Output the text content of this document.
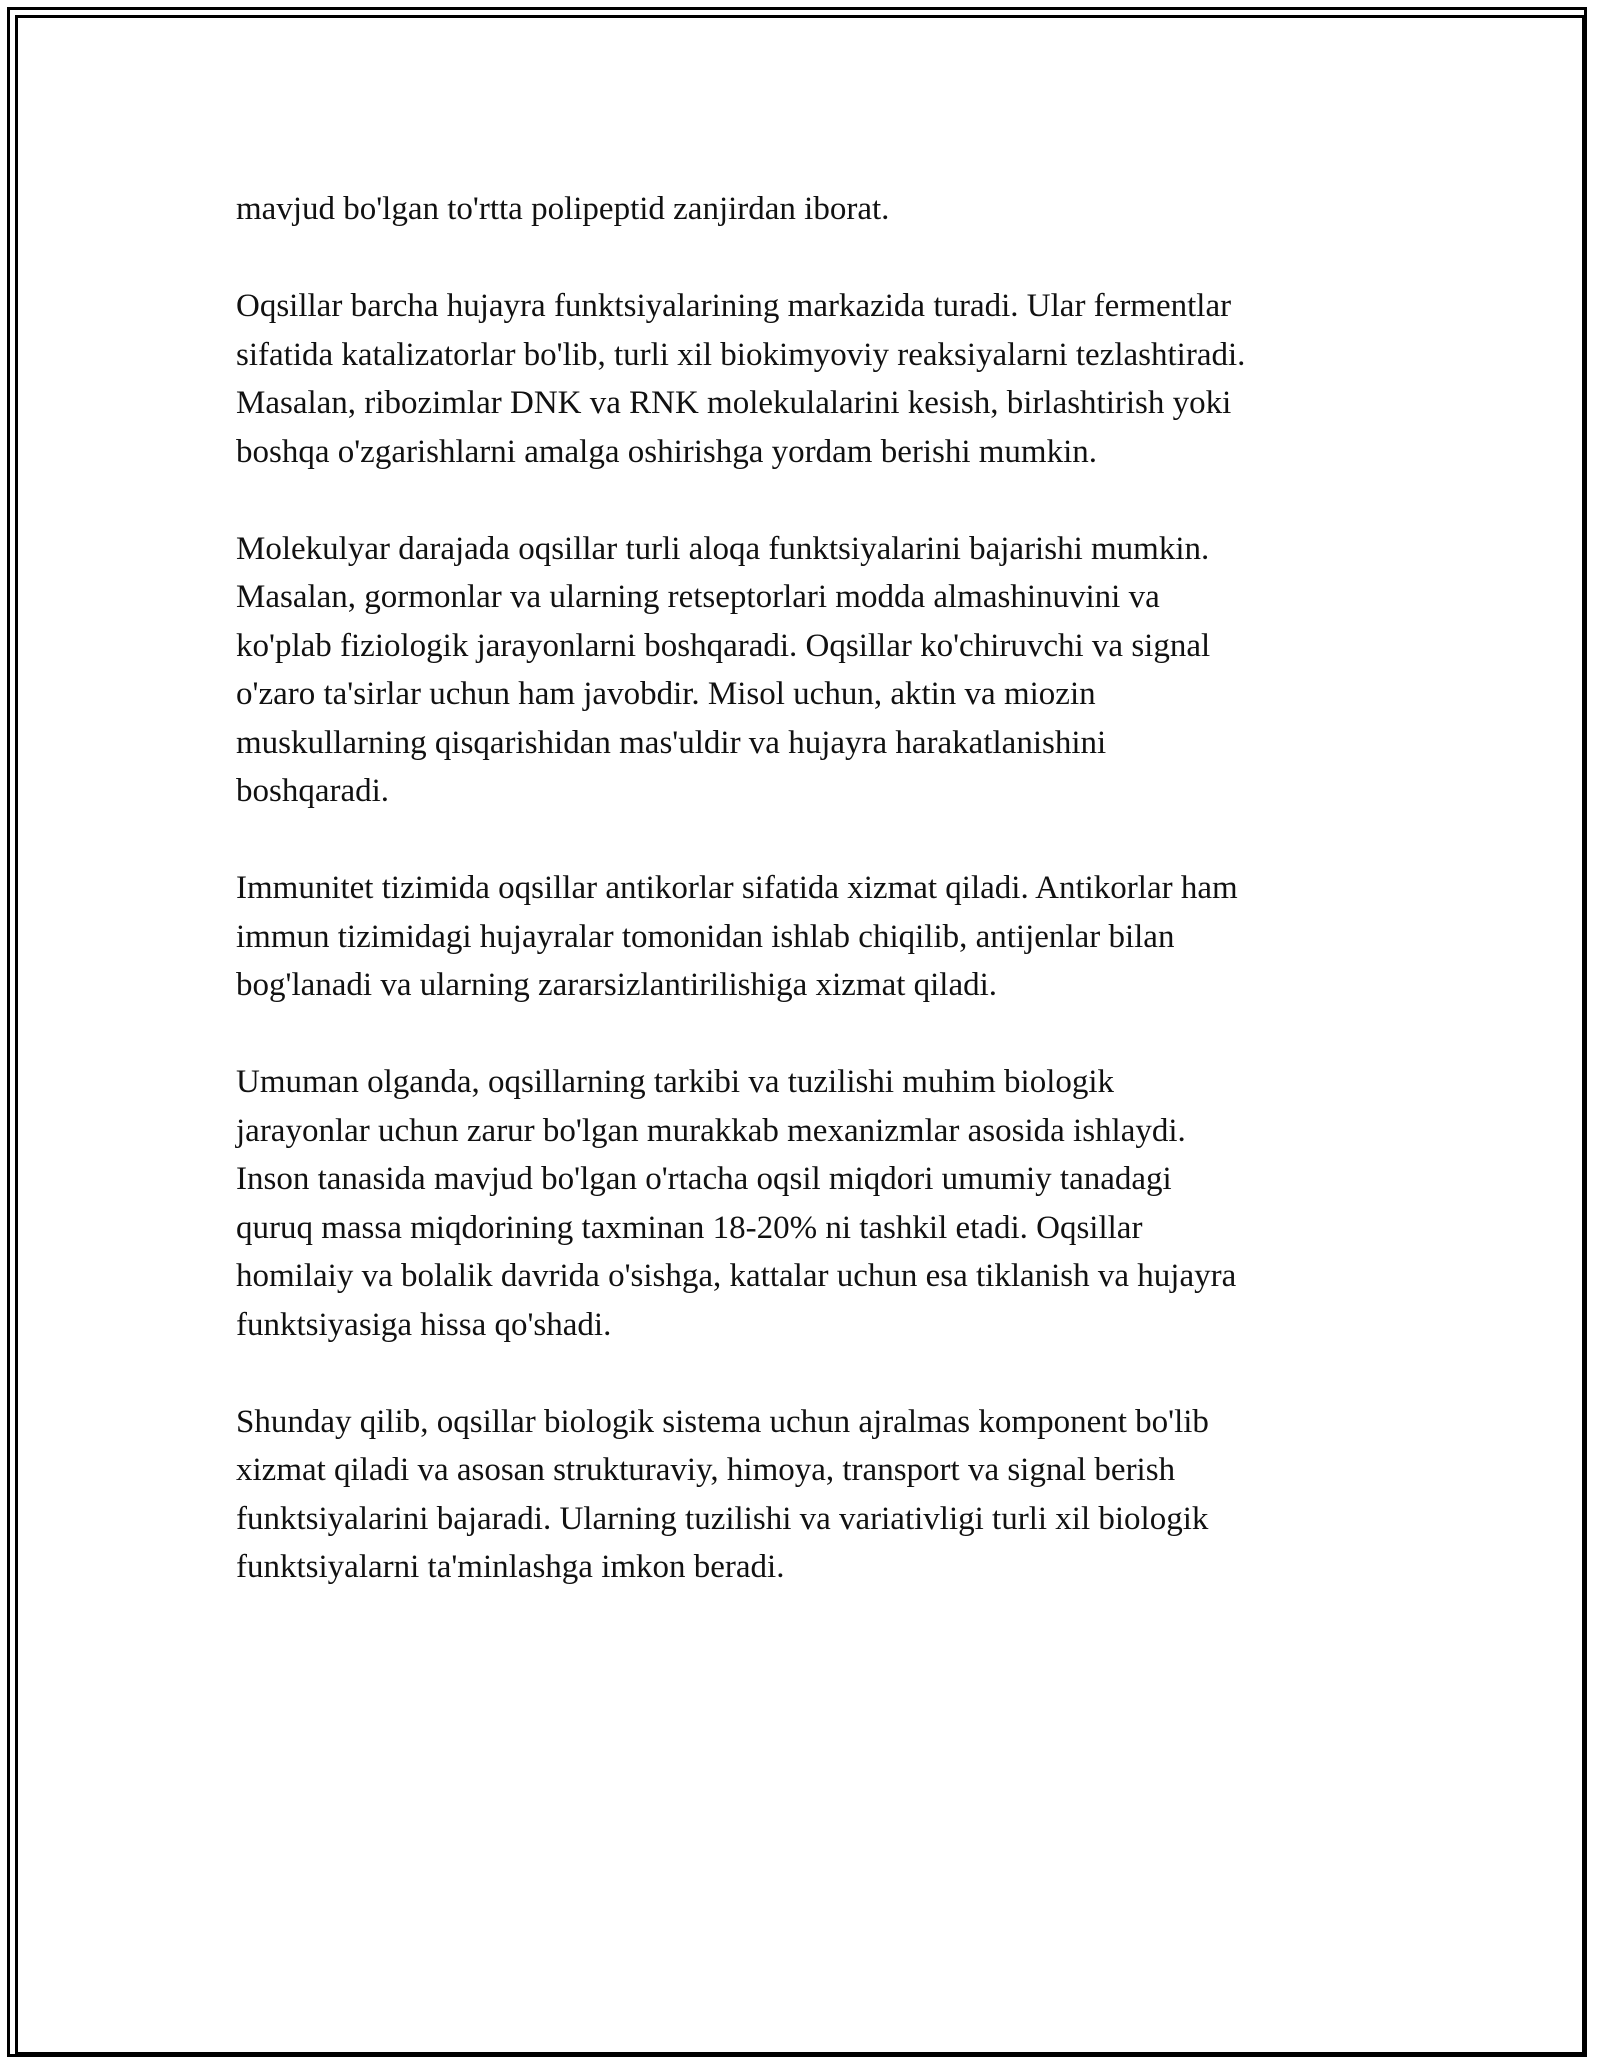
mavjud bo'lgan to'rtta polipeptid zanjirdan iborat.

Oqsillar barcha hujayra funktsiyalarining markazida turadi. Ular fermentlar
sifatida katalizatorlar bo'lib, turli xil biokimyoviy reaksiyalarni tezlashtiradi.
Masalan, ribozimlar DNK va RNK molekulalarini kesish, birlashtirish yoki
boshqa o'zgarishlarni amalga oshirishga yordam berishi mumkin.

Molekulyar darajada oqsillar turli aloqa funktsiyalarini bajarishi mumkin.
Masalan, gormonlar va ularning retseptorlari modda almashinuvini va
ko'plab fiziologik jarayonlarni boshqaradi. Oqsillar ko'chiruvchi va signal
o'zaro ta'sirlar uchun ham javobdir. Misol uchun, aktin va miozin
muskullarning qisqarishidan mas'uldir va hujayra harakatlanishini
boshqaradi.

Immunitet tizimida oqsillar antikorlar sifatida xizmat qiladi. Antikorlar ham
immun tizimidagi hujayralar tomonidan ishlab chiqilib, antijenlar bilan
bog'lanadi va ularning zararsizlantirilishiga xizmat qiladi.

Umuman olganda, oqsillarning tarkibi va tuzilishi muhim biologik
jarayonlar uchun zarur bo'lgan murakkab mexanizmlar asosida ishlaydi.
Inson tanasida mavjud bo'lgan o'rtacha oqsil miqdori umumiy tanadagi
quruq massa miqdorining taxminan 18-20% ni tashkil etadi. Oqsillar
homilaiy va bolalik davrida o'sishga, kattalar uchun esa tiklanish va hujayra
funktsiyasiga hissa qo'shadi.

Shunday qilib, oqsillar biologik sistema uchun ajralmas komponent bo'lib
xizmat qiladi va asosan strukturaviy, himoya, transport va signal berish
funktsiyalarini bajaradi. Ularning tuzilishi va variativligi turli xil biologik
funktsiyalarni ta'minlashga imkon beradi.
